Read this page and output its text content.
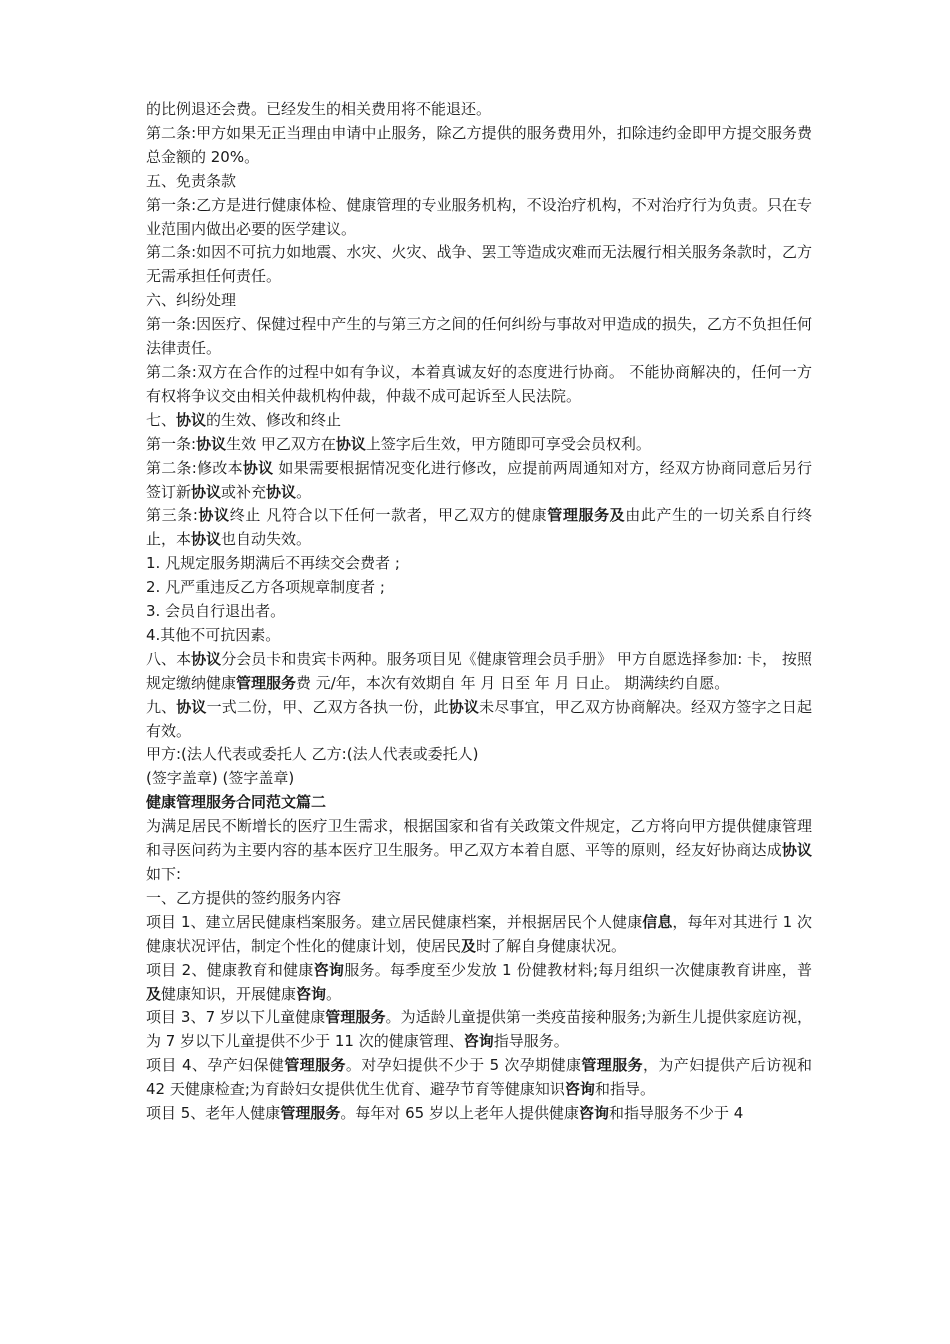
的比例退还会费。已经发生的相关费用将不能退还。

第二条:甲方如果无正当理由申请中止服务，除乙方提供的服务费用外，扣除违约金即甲方提交服务费总金额的 20%。

五、免责条款

第一条:乙方是进行健康体检、健康管理的专业服务机构，不设治疗机构，不对治疗行为负责。只在专业范围内做出必要的医学建议。

第二条:如因不可抗力如地震、水灾、火灾、战争、罢工等造成灾难而无法履行相关服务条款时，乙方无需承担任何责任。

六、纠纷处理

第一条:因医疗、保健过程中产生的与第三方之间的任何纠纷与事故对甲造成的损失，乙方不负担任何法律责任。

第二条:双方在合作的过程中如有争议，本着真诚友好的态度进行协商。 不能协商解决的，任何一方有权将争议交由相关仲裁机构仲裁，仲裁不成可起诉至人民法院。

七、协议的生效、修改和终止

第一条:协议生效 甲乙双方在协议上签字后生效，甲方随即可享受会员权利。

第二条:修改本协议 如果需要根据情况变化进行修改，应提前两周通知对方，经双方协商同意后另行签订新协议或补充协议。

第三条:协议终止 凡符合以下任何一款者，甲乙双方的健康管理服务及由此产生的一切关系自行终止，本协议也自动失效。

1. 凡规定服务期满后不再续交会费者 ;

2. 凡严重违反乙方各项规章制度者 ;

3. 会员自行退出者。

4.其他不可抗因素。

八、本协议分会员卡和贵宾卡两种。服务项目见《健康管理会员手册》 甲方自愿选择参加: 卡， 按照规定缴纳健康管理服务费 元/年，本次有效期自 年 月 日至 年 月 日止。 期满续约自愿。

九、协议一式二份，甲、乙双方各执一份，此协议未尽事宜，甲乙双方协商解决。经双方签字之日起有效。

甲方:(法人代表或委托人 乙方:(法人代表或委托人)

(签字盖章) (签字盖章)

健康管理服务合同范文篇二

为满足居民不断增长的医疗卫生需求，根据国家和省有关政策文件规定，乙方将向甲方提供健康管理和寻医问药为主要内容的基本医疗卫生服务。甲乙双方本着自愿、平等的原则，经友好协商达成协议如下:

一、乙方提供的签约服务内容

项目 1、建立居民健康档案服务。建立居民健康档案，并根据居民个人健康信息，每年对其进行 1 次健康状况评估，制定个性化的健康计划，使居民及时了解自身健康状况。

项目 2、健康教育和健康咨询服务。每季度至少发放 1 份健教材料;每月组织一次健康教育讲座，普及健康知识，开展健康咨询。

项目 3、7 岁以下儿童健康管理服务。为适龄儿童提供第一类疫苗接种服务;为新生儿提供家庭访视，为 7 岁以下儿童提供不少于 11 次的健康管理、咨询指导服务。

项目 4、孕产妇保健管理服务。对孕妇提供不少于 5 次孕期健康管理服务，为产妇提供产后访视和 42 天健康检查;为育龄妇女提供优生优育、避孕节育等健康知识咨询和指导。

项目 5、老年人健康管理服务。每年对 65 岁以上老年人提供健康咨询和指导服务不少于 4
